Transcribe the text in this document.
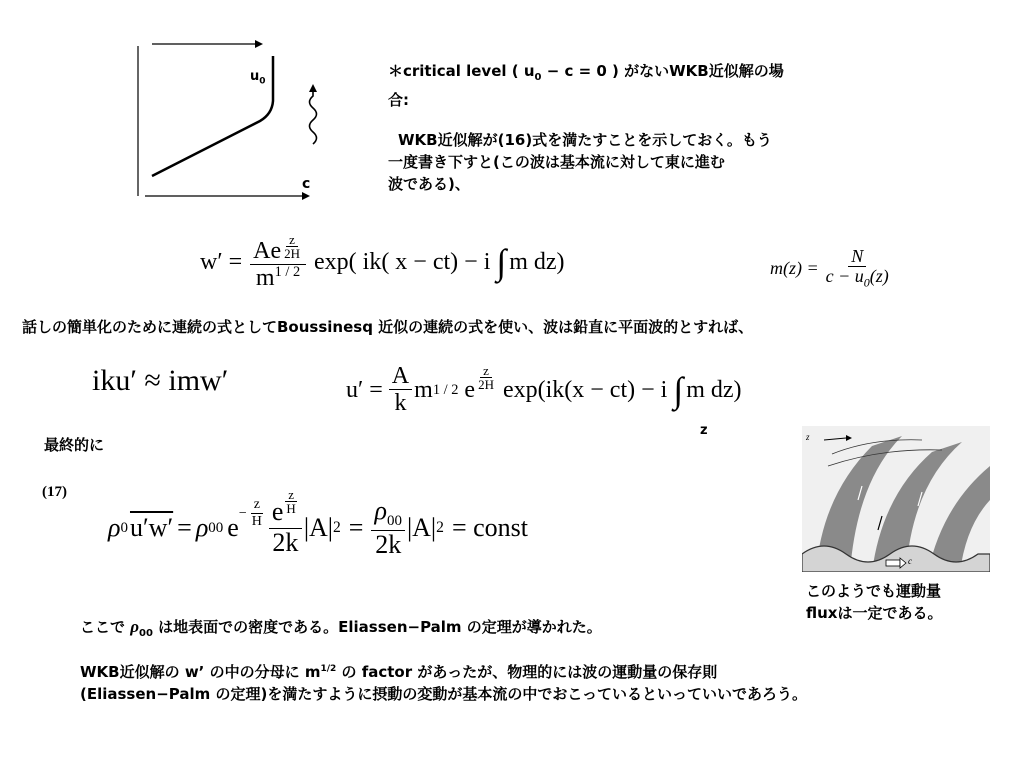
$u_0$
c
＊critical level ( $u_0 - c = 0$ ) がないWKB近似解の場
合:
WKB近似解が(16)式を満たすことを示しておく。もう
一度書き下すと(この波は基本流に対して東に進む
波である)、
$w' = \frac{Ae \frac{z}{2H}}{m^{1 / 2}} \exp$( ik( x − ct) − i ∫ m dz)	$m(z) = \frac{N}{c - u_0(z)}$
話しの簡単化のために連続の式としてBoussinesq 近似の連続の式を使い、波は鉛直に平面波的とすれば、
iku′ ≈ imw′	$u' = \frac{A}{k}$ m 1 / 2 e $\frac{z}{2H} \exp(ik(x - ct) - i$ ∫ m dz)
z
最終的に
(17)
ρ 0 u′w′ = ρ 00 $e - \frac{z}{H} \frac{e \frac{z}{H}}{2k} |A|$ $2 = \frac{\rho_{00}}{2k} |A|$ 2 = const
z
c
このようでも運動量
fluxは一定である。
ここで $\rho_{00}$ は地表面での密度である。Eliassen−Palm の定理が導かれた。
WKB近似解の w’ の中の分母に $m^{1/2}$ の factor があったが、物理的には波の運動量の保存則
(Eliassen−Palm の定理)を満たすように摂動の変動が基本流の中でおこっているといっていいであろう。
